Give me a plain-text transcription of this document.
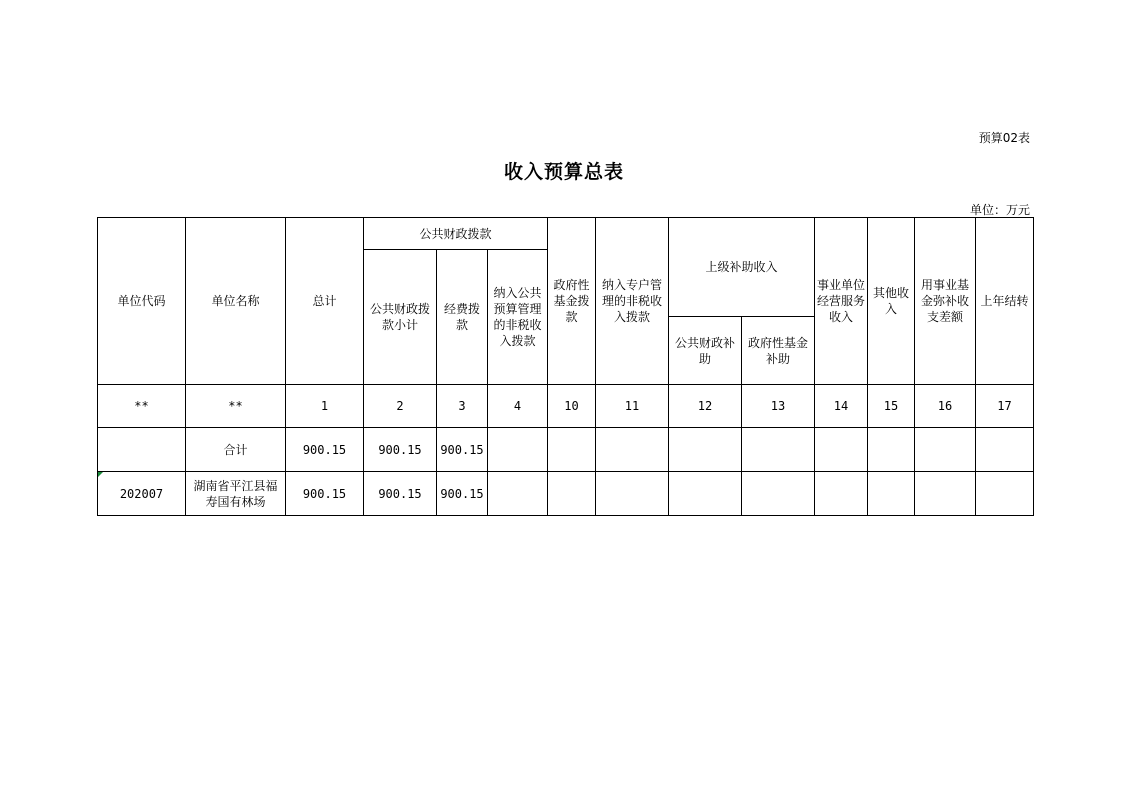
预算02表
收入预算总表
单位：万元
单位代码	单位名称	总计	公共财政拨款			政府性基金拨款	纳入专户管理的非税收入拨款	上级补助收入		事业单位经营服务收入	其他收入	用事业基金弥补收支差额	上年结转
			公共财政拨款小计	经费拨款	纳入公共预算管理的非税收入拨款								
								公共财政补助	政府性基金补助				
**	**	1	2	3	4	10	11	12	13	14	15	16	17
	合计	900.15	900.15	900.15									
202007	湖南省平江县福寿国有林场	900.15	900.15	900.15									
